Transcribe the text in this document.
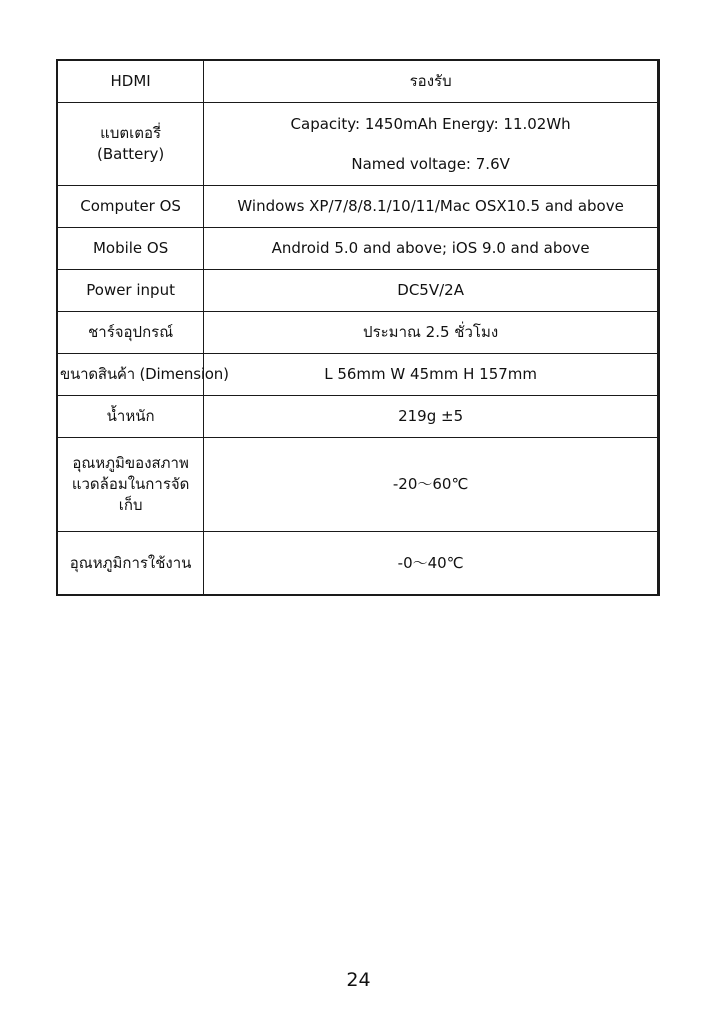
HDMI	รองรับ

แบตเตอรี่
(Battery)	Capacity: 1450mAh Energy: 11.02Wh
Named voltage: 7.6V

Computer OS	Windows XP/7/8/8.1/10/11/Mac OSX10.5 and above
Mobile OS	Android 5.0 and above; iOS 9.0 and above
Power input	DC5V/2A
ชาร์จอุปกรณ์	ประมาณ 2.5 ชั่วโมง
ขนาดสินค้า (Dimension)	L 56mm W 45mm H 157mm
น้ำหนัก	219g ±5

อุณหภูมิของสภาพ
แวดล้อมในการจัด
เก็บ	-20〜60℃
อุณหภูมิการใช้งาน	-0〜40℃
24
